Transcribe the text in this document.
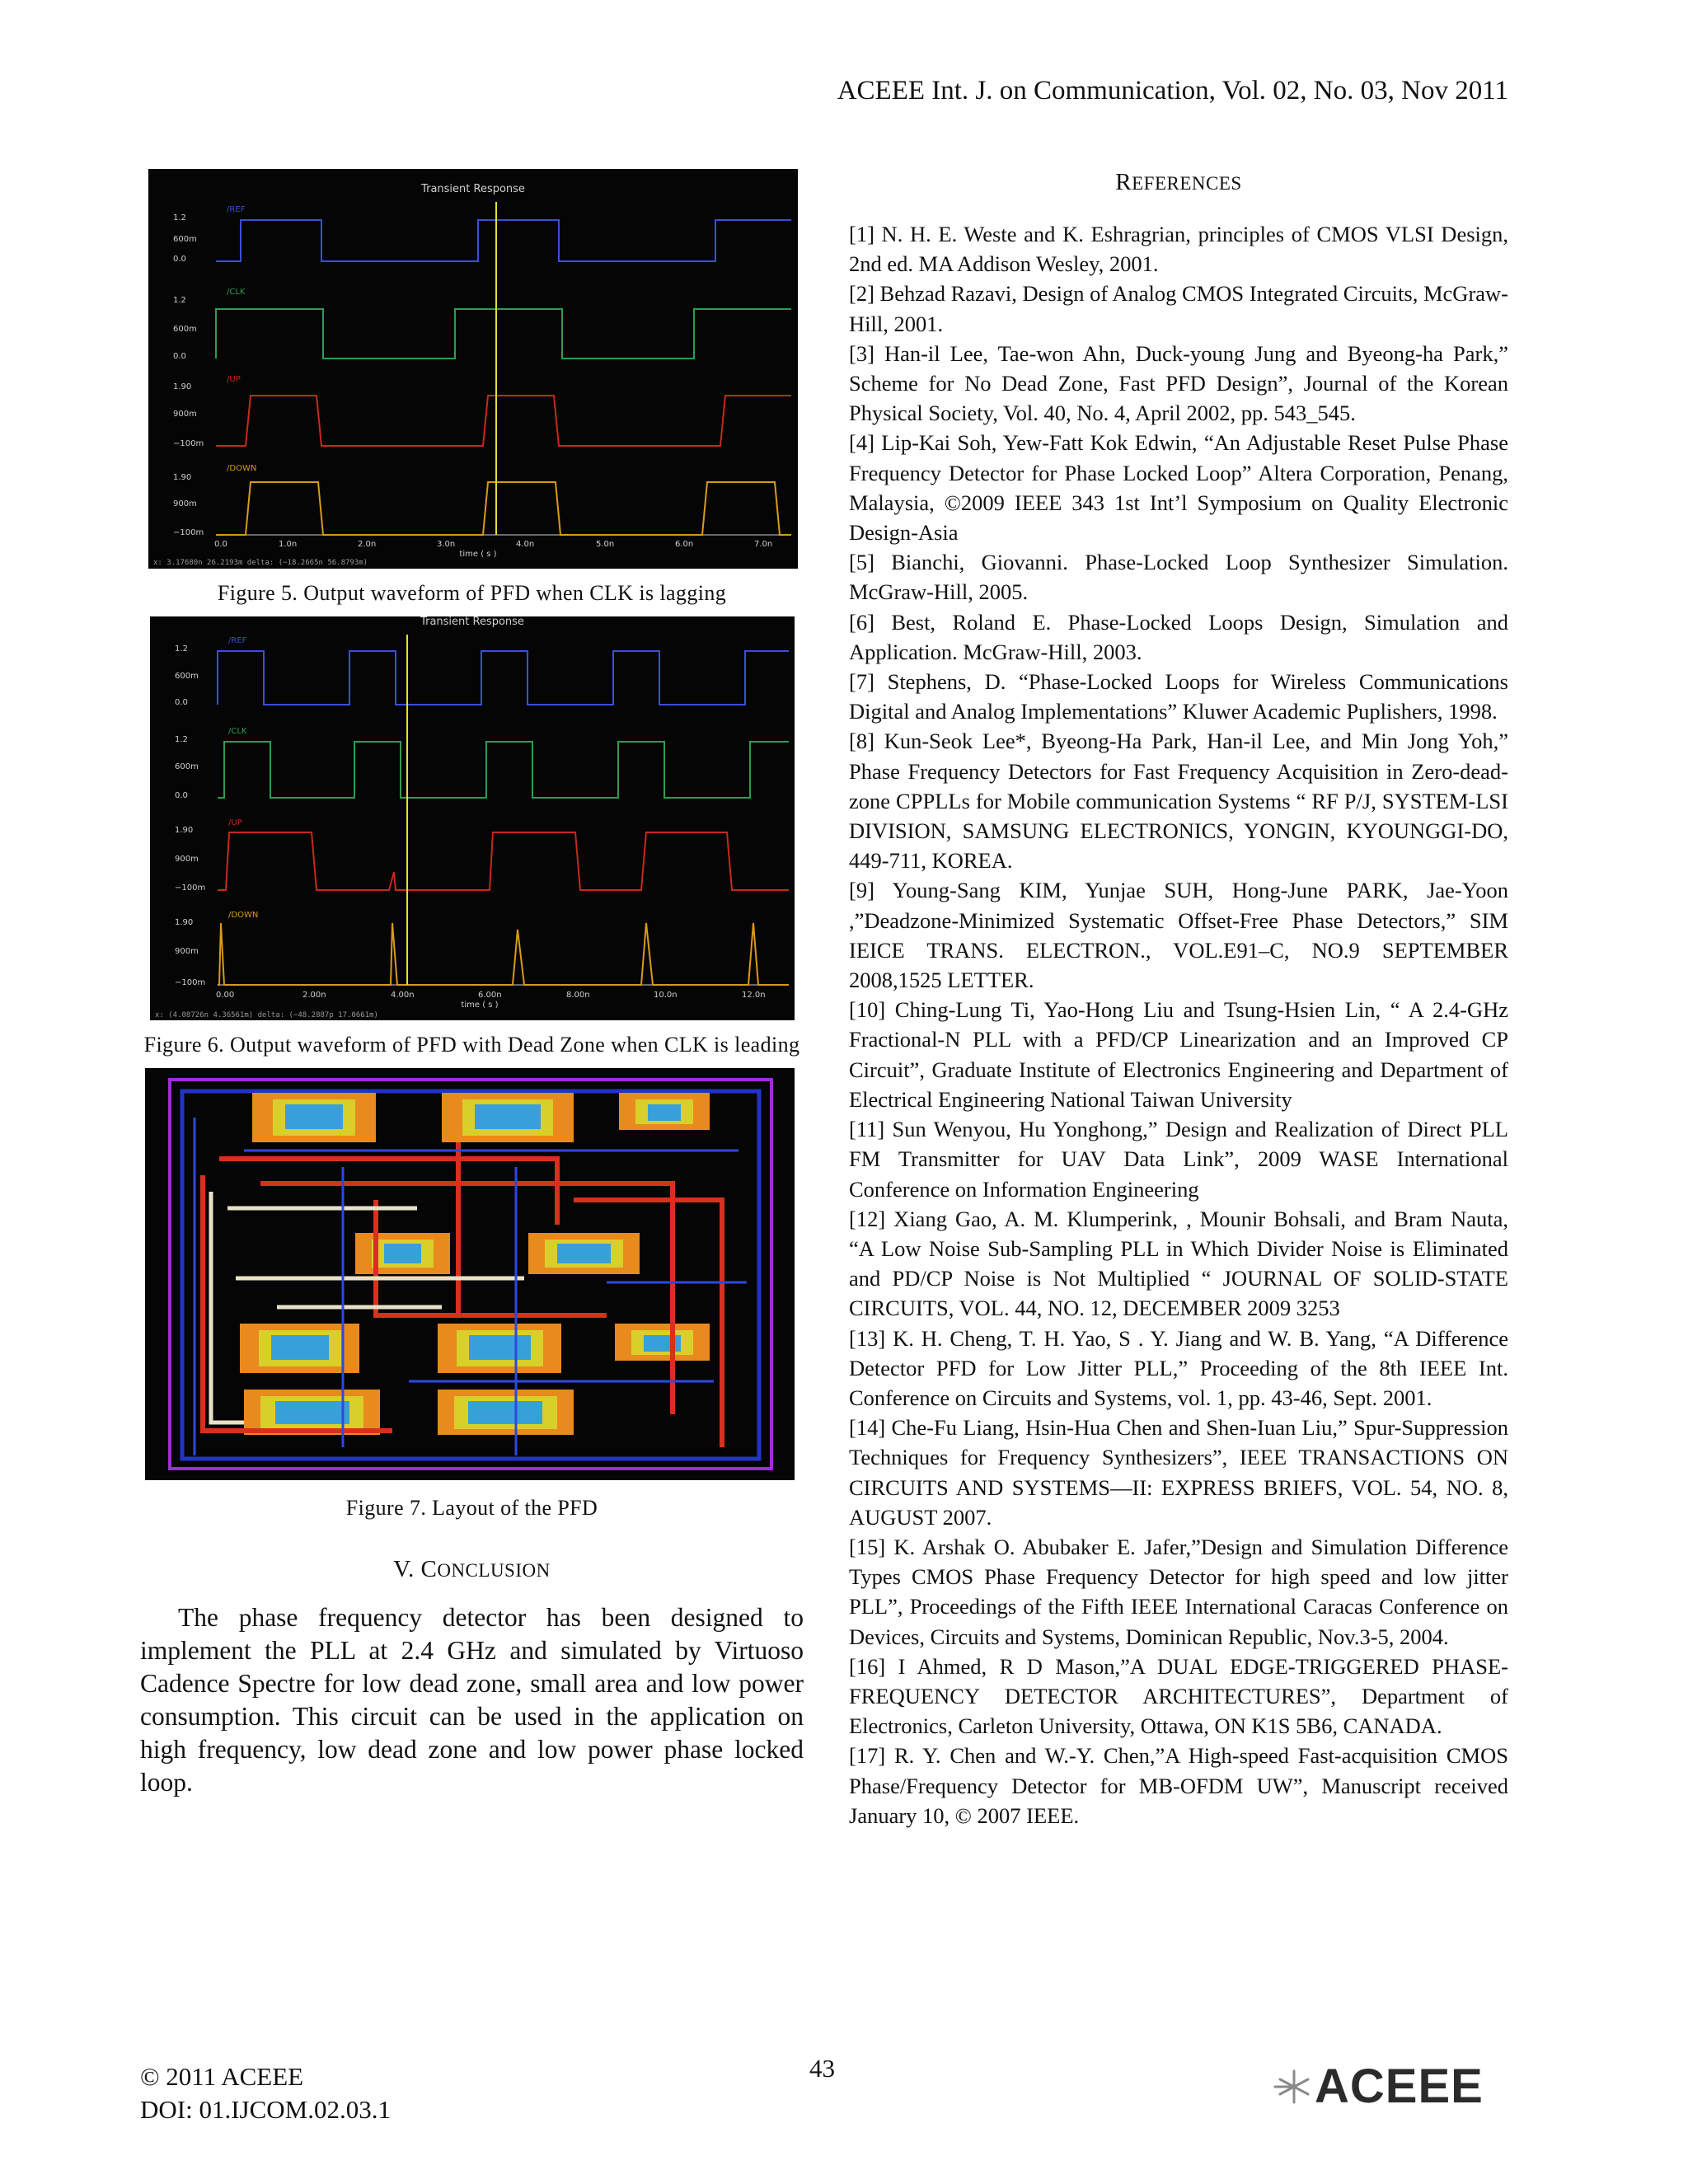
ACEEE Int. J. on Communication, Vol. 02, No. 03, Nov 2011
Transient Response
1.2
600m
0.0
1.2
600m
0.0
1.90
900m
−100m
1.90
900m
−100m
/REF
/CLK
/UP
/DOWN
0.0	1.0n	2.0n	3.0n	4.0n	5.0n	6.0n	7.0n
time ( s )
x: 3.17680n 26.2193m delta: (−18.2665n 56.8793m)
Figure 5. Output waveform of PFD when CLK is lagging
Transient Response
1.2
600m
0.0
1.2
600m
0.0
1.90
900m
−100m
1.90
900m
−100m
/REF
/CLK
/UP
/DOWN
0.00	2.00n	4.00n	6.00n	8.00n	10.0n	12.0n
time ( s )
x: (4.08726n 4.36561m) delta: (−48.2887p 17.0661m)
Figure 6. Output waveform of PFD with Dead Zone when CLK is leading
Figure 7. Layout of the PFD
V. CONCLUSION

The phase frequency detector has been designed to implement the PLL at 2.4 GHz and simulated by Virtuoso Cadence Spectre for low dead zone, small area and low power consumption. This circuit can be used in the application on high frequency, low dead zone and low power phase locked loop.

REFERENCES
[1] N. H. E. Weste and K. Eshragrian, principles of CMOS VLSI Design, 2nd ed. MA Addison Wesley, 2001.
[2] Behzad Razavi, Design of Analog CMOS Integrated Circuits, McGraw-Hill, 2001.
[3] Han-il Lee, Tae-won Ahn, Duck-young Jung and Byeong-ha Park,” Scheme for No Dead Zone, Fast PFD Design”, Journal of the Korean Physical Society, Vol. 40, No. 4, April 2002, pp. 543_545.
[4] Lip-Kai Soh, Yew-Fatt Kok Edwin, “An Adjustable Reset Pulse Phase Frequency Detector for Phase Locked Loop” Altera Corporation, Penang, Malaysia, ©2009 IEEE 343 1st Int’l Symposium on Quality Electronic Design-Asia
[5] Bianchi, Giovanni. Phase-Locked Loop Synthesizer Simulation. McGraw-Hill, 2005.
[6] Best, Roland E. Phase-Locked Loops Design, Simulation and Application. McGraw-Hill, 2003.
[7] Stephens, D. “Phase-Locked Loops for Wireless Communications Digital and Analog Implementations” Kluwer Academic Puplishers, 1998.
[8] Kun-Seok Lee*, Byeong-Ha Park, Han-il Lee, and Min Jong Yoh,” Phase Frequency Detectors for Fast Frequency Acquisition in Zero-dead-zone CPPLLs for Mobile communication Systems “ RF P/J, SYSTEM-LSI DIVISION, SAMSUNG ELECTRONICS, YONGIN, KYOUNGGI-DO, 449-711, KOREA.
[9] Young-Sang KIM, Yunjae SUH, Hong-June PARK, Jae-Yoon ,”Deadzone-Minimized Systematic Offset-Free Phase Detectors,” SIM IEICE TRANS. ELECTRON., VOL.E91–C, NO.9 SEPTEMBER 2008,1525 LETTER.
[10] Ching-Lung Ti, Yao-Hong Liu and Tsung-Hsien Lin, “ A 2.4-GHz Fractional-N PLL with a PFD/CP Linearization and an Improved CP Circuit”, Graduate Institute of Electronics Engineering and Department of Electrical Engineering National Taiwan University
[11] Sun Wenyou, Hu Yonghong,” Design and Realization of Direct PLL FM Transmitter for UAV Data Link”, 2009 WASE International Conference on Information Engineering
[12] Xiang Gao, A. M. Klumperink, , Mounir Bohsali, and Bram Nauta, “A Low Noise Sub-Sampling PLL in Which Divider Noise is Eliminated and PD/CP Noise is Not Multiplied “ JOURNAL OF SOLID-STATE CIRCUITS, VOL. 44, NO. 12, DECEMBER 2009 3253
[13] K. H. Cheng, T. H. Yao, S . Y. Jiang and W. B. Yang, “A Difference Detector PFD for Low Jitter PLL,” Proceeding of the 8th IEEE Int. Conference on Circuits and Systems, vol. 1, pp. 43-46, Sept. 2001.
[14] Che-Fu Liang, Hsin-Hua Chen and Shen-Iuan Liu,” Spur-Suppression Techniques for Frequency Synthesizers”, IEEE TRANSACTIONS ON CIRCUITS AND SYSTEMS—II: EXPRESS BRIEFS, VOL. 54, NO. 8, AUGUST 2007.
[15] K. Arshak O. Abubaker E. Jafer,”Design and Simulation Difference Types CMOS Phase Frequency Detector for high speed and low jitter PLL”, Proceedings of the Fifth IEEE International Caracas Conference on Devices, Circuits and Systems, Dominican Republic, Nov.3-5, 2004.
[16] I Ahmed, R D Mason,”A DUAL EDGE-TRIGGERED PHASE-FREQUENCY DETECTOR ARCHITECTURES”, Department of Electronics, Carleton University, Ottawa, ON K1S 5B6, CANADA.
[17] R. Y. Chen and W.-Y. Chen,”A High-speed Fast-acquisition CMOS Phase/Frequency Detector for MB-OFDM UW”, Manuscript received January 10, © 2007 IEEE.
© 2011 ACEEE
DOI: 01.IJCOM.02.03.1
43	ACEEE
